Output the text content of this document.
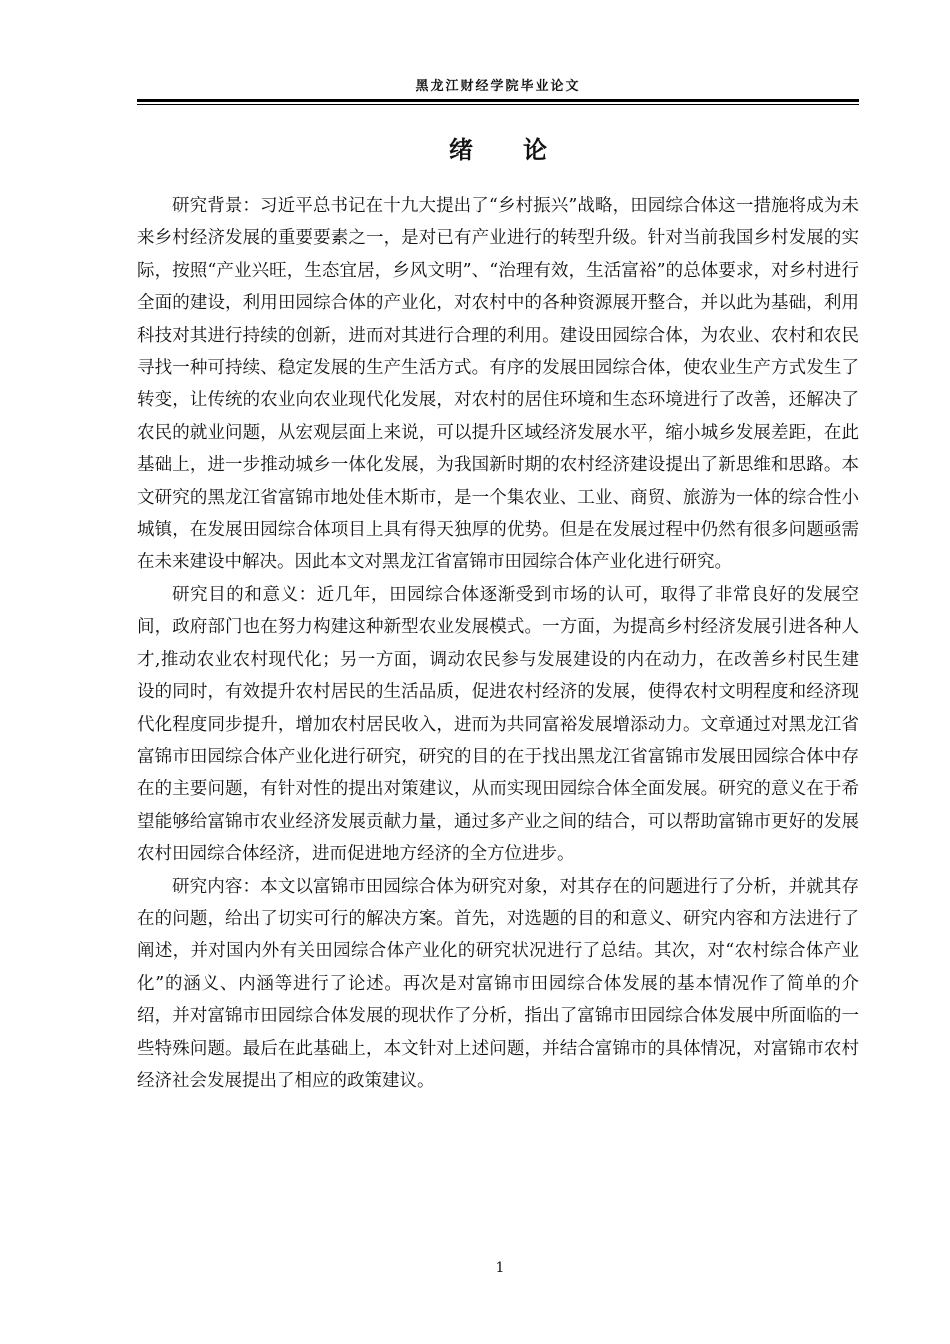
黑龙江财经学院毕业论文
绪论

研究背景：习近平总书记在十九大提出了“乡村振兴”战略，田园综合体这一措施将成为未来乡村经济发展的重要要素之一，是对已有产业进行的转型升级。针对当前我国乡村发展的实际，按照“产业兴旺，生态宜居，乡风文明”、“治理有效，生活富裕”的总体要求，对乡村进行全面的建设，利用田园综合体的产业化，对农村中的各种资源展开整合，并以此为基础，利用科技对其进行持续的创新，进而对其进行合理的利用。建设田园综合体，为农业、农村和农民寻找一种可持续、稳定发展的生产生活方式。有序的发展田园综合体，使农业生产方式发生了转变，让传统的农业向农业现代化发展，对农村的居住环境和生态环境进行了改善，还解决了农民的就业问题，从宏观层面上来说，可以提升区域经济发展水平，缩小城乡发展差距，在此基础上，进一步推动城乡一体化发展，为我国新时期的农村经济建设提出了新思维和思路。本文研究的黑龙江省富锦市地处佳木斯市，是一个集农业、工业、商贸、旅游为一体的综合性小城镇，在发展田园综合体项目上具有得天独厚的优势。但是在发展过程中仍然有很多问题亟需在未来建设中解决。因此本文对黑龙江省富锦市田园综合体产业化进行研究。

研究目的和意义：近几年，田园综合体逐渐受到市场的认可，取得了非常良好的发展空间，政府部门也在努力构建这种新型农业发展模式。一方面，为提高乡村经济发展引进各种人才,推动农业农村现代化；另一方面，调动农民参与发展建设的内在动力，在改善乡村民生建设的同时，有效提升农村居民的生活品质，促进农村经济的发展，使得农村文明程度和经济现代化程度同步提升，增加农村居民收入，进而为共同富裕发展增添动力。文章通过对黑龙江省富锦市田园综合体产业化进行研究，研究的目的在于找出黑龙江省富锦市发展田园综合体中存在的主要问题，有针对性的提出对策建议，从而实现田园综合体全面发展。研究的意义在于希望能够给富锦市农业经济发展贡献力量，通过多产业之间的结合，可以帮助富锦市更好的发展农村田园综合体经济，进而促进地方经济的全方位进步。

研究内容：本文以富锦市田园综合体为研究对象，对其存在的问题进行了分析，并就其存在的问题，给出了切实可行的解决方案。首先，对选题的目的和意义、研究内容和方法进行了阐述，并对国内外有关田园综合体产业化的研究状况进行了总结。其次，对“农村综合体产业化”的涵义、内涵等进行了论述。再次是对富锦市田园综合体发展的基本情况作了简单的介绍，并对富锦市田园综合体发展的现状作了分析，指出了富锦市田园综合体发展中所面临的一些特殊问题。最后在此基础上，本文针对上述问题，并结合富锦市的具体情况，对富锦市农村经济社会发展提出了相应的政策建议。

1
